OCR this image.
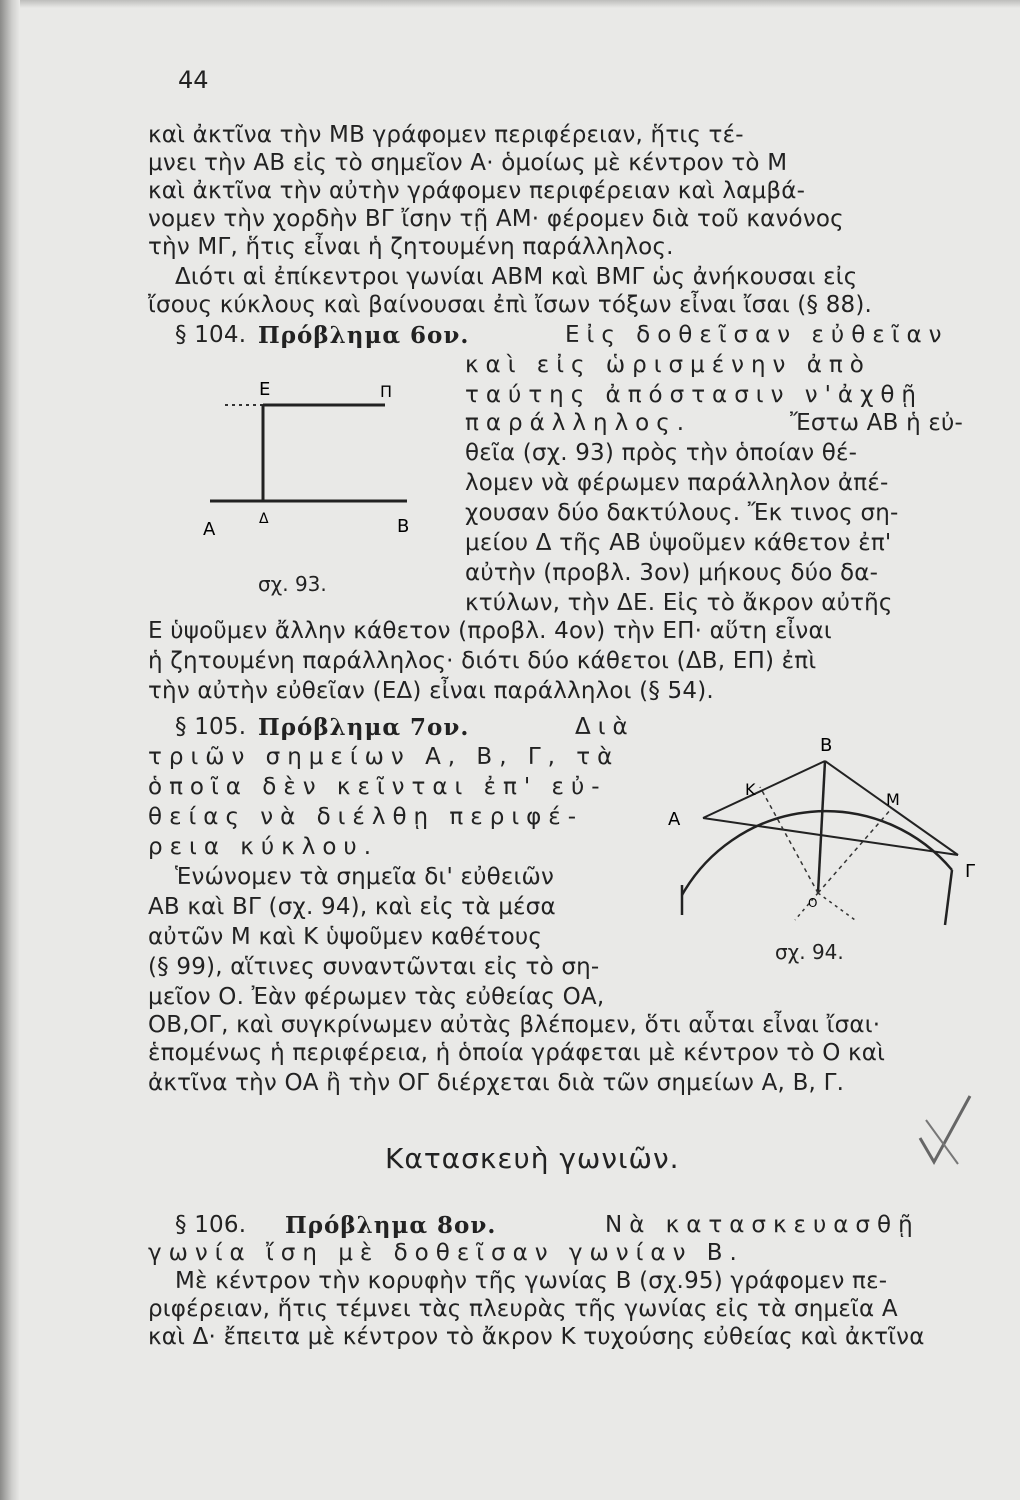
44
καὶ ἀκτῖνα τὴν ΜΒ γράφομεν περιφέρειαν, ἥτις τέ-
μνει τὴν ΑΒ εἰς τὸ σημεῖον Α· ὁμοίως μὲ κέντρον τὸ Μ
καὶ ἀκτῖνα τὴν αὐτὴν γράφομεν περιφέρειαν καὶ λαμβά-
νομεν τὴν χορδὴν ΒΓ ἴσην τῇ ΑΜ· φέρομεν διὰ τοῦ κανόνος
τὴν ΜΓ, ἥτις εἶναι ἡ ζητουμένη παράλληλος.
Διότι αἱ ἐπίκεντροι γωνίαι ΑΒΜ καὶ ΒΜΓ ὡς ἀνήκουσαι εἰς
ἴσους κύκλους καὶ βαίνουσαι ἐπὶ ἴσων τόξων εἶναι ἴσαι (§ 88).
§ 104. Πρόβλημα 6ον.	Εἰς δοθεῖσαν εὐθεῖαν
καὶ εἰς ὡρισμένην ἀπὸ
ταύτης ἀπόστασιν ν'ἀχθῇ
παράλληλος.	Ἔστω ΑΒ ἡ εὐ-
θεῖα (σχ. 93) πρὸς τὴν ὁποίαν θέ-
λομεν νὰ φέρωμεν παράλληλον ἀπέ-
χουσαν δύο δακτύλους. Ἔκ τινος ση-
μείου Δ τῆς ΑΒ ὑψοῦμεν κάθετον ἐπ'
αὐτὴν (προβλ. 3ον) μήκους δύο δα-
κτύλων, τὴν ΔΕ. Εἰς τὸ ἄκρον αὐτῆς
Ε ὑψοῦμεν ἄλλην κάθετον (προβλ. 4ον) τὴν ΕΠ· αὕτη εἶναι
ἡ ζητουμένη παράλληλος· διότι δύο κάθετοι (ΔΒ, ΕΠ) ἐπὶ
τὴν αὐτὴν εὐθεῖαν (ΕΔ) εἶναι παράλληλοι (§ 54).
Ε	Π
Α	Δ	Β
σχ. 93.
§ 105. Πρόβλημα 7ον.	Διὰ
τριῶν σημείων Α, Β, Γ, τὰ
ὁποῖα δὲν κεῖνται ἐπ' εὐ-
θείας νὰ διέλθῃ περιφέ-
ρεια κύκλου.
Ἑνώνομεν τὰ σημεῖα δι' εὐθειῶν
ΑΒ καὶ ΒΓ (σχ. 94), καὶ εἰς τὰ μέσα
αὐτῶν Μ καὶ Κ ὑψοῦμεν καθέτους
(§ 99), αἵτινες συναντῶνται εἰς τὸ ση-
μεῖον Ο. Ἐὰν φέρωμεν τὰς εὐθείας ΟΑ,
ΟΒ,ΟΓ, καὶ συγκρίνωμεν αὐτὰς βλέπομεν, ὅτι αὗται εἶναι ἴσαι·
ἑπομένως ἡ περιφέρεια, ἡ ὁποία γράφεται μὲ κέντρον τὸ Ο καὶ
ἀκτῖνα τὴν ΟΑ ἢ τὴν ΟΓ διέρχεται διὰ τῶν σημείων Α, Β, Γ.
Β
Α
Γ
Κ
Μ
Ο
σχ. 94.
Κατασκευὴ γωνιῶν.
§ 106. Πρόβλημα 8ον.	Νὰ κατασκευασθῇ
γωνία ἴση μὲ δοθεῖσαν γωνίαν Β.
Μὲ κέντρον τὴν κορυφὴν τῆς γωνίας Β (σχ.95) γράφομεν πε-
ριφέρειαν, ἥτις τέμνει τὰς πλευρὰς τῆς γωνίας εἰς τὰ σημεῖα Α
καὶ Δ· ἔπειτα μὲ κέντρον τὸ ἄκρον Κ τυχούσης εὐθείας καὶ ἀκτῖνα
